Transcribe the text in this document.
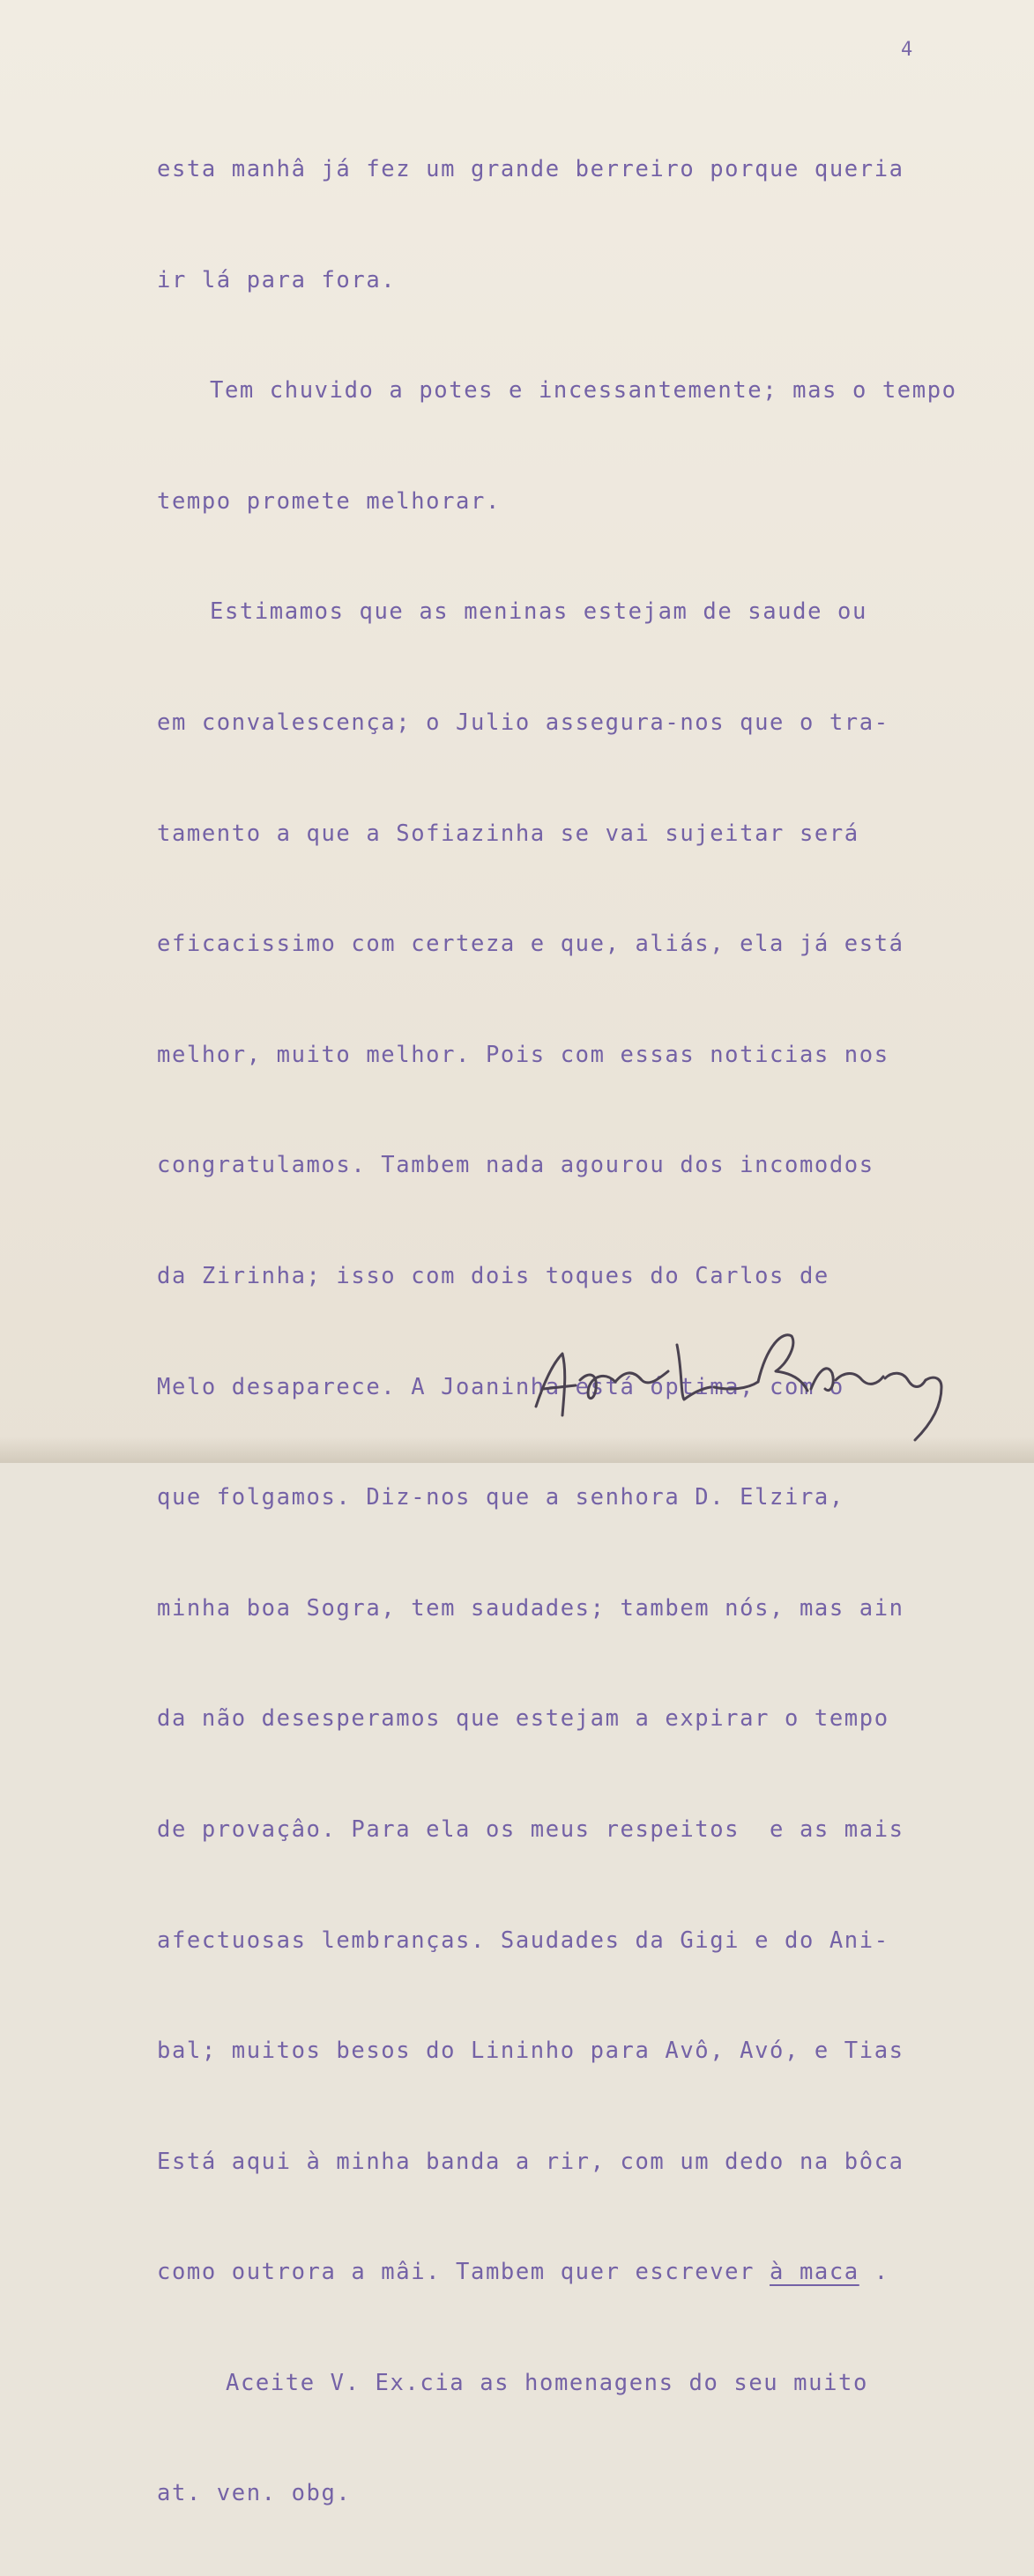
4

esta manhâ já fez um grande berreiro porque queria

ir lá para fora.

Tem chuvido a potes e incessantemente; mas o tempo

tempo promete melhorar.

Estimamos que as meninas estejam de saude ou

em convalescença; o Julio assegura-nos que o tra-

tamento a que a Sofiazinha se vai sujeitar será

eficacissimo com certeza e que, aliás, ela já está

melhor, muito melhor. Pois com essas noticias nos

congratulamos. Tambem nada agourou dos incomodos

da Zirinha; isso com dois toques do Carlos de

Melo desaparece. A Joaninha está óptima, com o

que folgamos. Diz-nos que a senhora D. Elzira,

minha boa Sogra, tem saudades; tambem nós, mas ain

da não desesperamos que estejam a expirar o tempo

de provaçâo. Para ela os meus respeitos  e as mais

afectuosas lembranças. Saudades da Gigi e do Ani-

bal; muitos besos do Lininho para Avô, Avó, e Tias

Está aqui à minha banda a rir, com um dedo na bôca

como outrora a mâi. Tambem quer escrever à maca .

Aceite V. Ex.cia as homenagens do seu muito

at. ven. obg.
